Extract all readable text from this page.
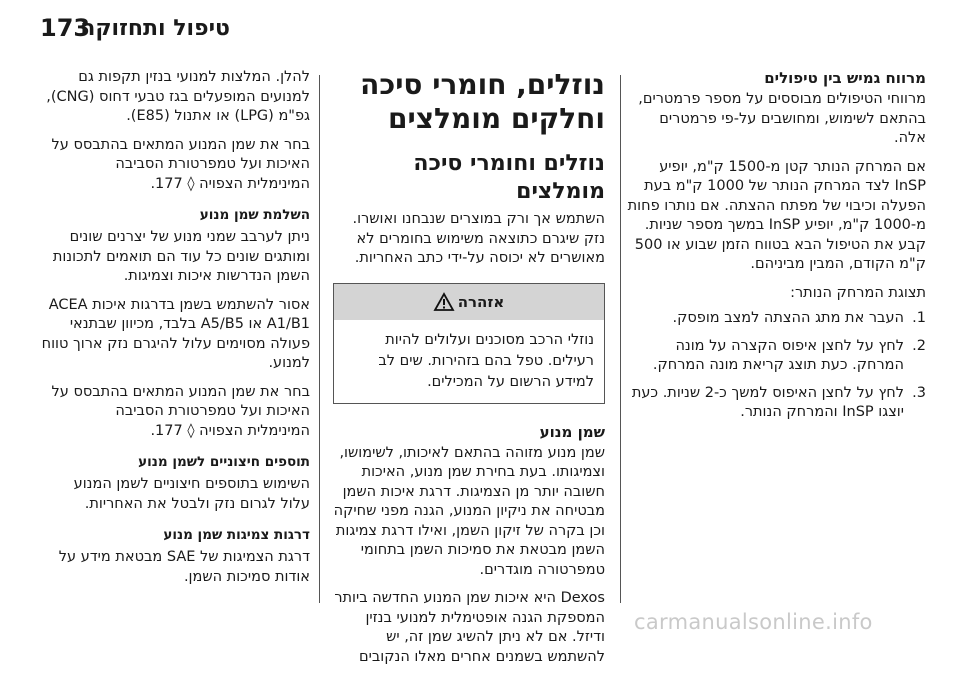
173
טיפול ותחזוקה
מרווח גמיש בין טיפולים
מרווחי הטיפולים מבוססים על מספר פרמטרים, בהתאם לשימוש, ומחושבים על-פי פרמטרים אלה.
אם המרחק הנותר קטן מ-1500 ק"מ, יופיע InSP לצד המרחק הנותר של 1000 ק"מ בעת הפעלה וכיבוי של מפתח ההצתה. אם נותרו פחות מ-1000 ק"מ, יופיע InSP במשך מספר שניות. קבע את הטיפול הבא בטווח הזמן שבוע או 500 ק"מ הקודם, המבין מביניהם.
תצוגת המרחק הנותר:
1.
העבר את מתג ההצתה למצב מופסק.
2.
לחץ על לחצן איפוס הקצרה על מונה המרחק. כעת תוצג קריאת מונה המרחק.
3.
לחץ על לחצן האיפוס למשך כ-2 שניות. כעת יוצגו InSP והמרחק הנותר.
נוזלים, חומרי סיכה וחלקים מומלצים
נוזלים וחומרי סיכה מומלצים
השתמש אך ורק במוצרים שנבחנו ואושרו. נזק שיגרם כתוצאה משימוש בחומרים לא מאושרים לא יכוסה על-ידי כתב האחריות.
אזהרה
נוזלי הרכב מסוכנים ועלולים להיות רעילים. טפל בהם בזהירות. שים לב למידע הרשום על המכילים.
שמן מנוע
שמן מנוע מזוהה בהתאם לאיכותו, לשימושו, וצמיגותו. בעת בחירת שמן מנוע, האיכות חשובה יותר מן הצמיגות. דרגת איכות השמן מבטיחה את ניקיון המנוע, הגנה מפני שחיקה וכן בקרה של זיקון השמן, ואילו דרגת צמיגות השמן מבטאת את סמיכות השמן בתחומי טמפרטורה מוגדרים.
Dexos היא איכות שמן המנוע החדשה ביותר המספקת הגנה אופטימלית למנועי בנזין ודיזל. אם לא ניתן להשיג שמן זה, יש להשתמש בשמנים אחרים מאלו הנקובים
להלן. המלצות למנועי בנזין תקפות גם למנועים המופעלים בגז טבעי דחוס (CNG), גפ"מ (LPG) או אתנול (E85).
בחר את שמן המנוע המתאים בהתבסס על האיכות ועל טמפרטורת הסביבה
המינימלית הצפויה ◊ 177.
השלמת שמן מנוע
ניתן לערבב שמני מנוע של יצרנים שונים ומותגים שונים כל עוד הם תואמים לתכונות השמן הנדרשות איכות וצמיגות.
אסור להשתמש בשמן בדרגות איכות ACEA A1/B1 או A5/B5 בלבד, מכיוון שבתנאי פעולה מסוימים עלול להיגרם נזק ארוך טווח למנוע.
בחר את שמן המנוע המתאים בהתבסס על האיכות ועל טמפרטורת הסביבה
המינימלית הצפויה ◊ 177.
תוספים חיצוניים לשמן מנוע
השימוש בתוספים חיצוניים לשמן המנוע עלול לגרום נזק ולבטל את האחריות.
דרגות צמיגות שמן מנוע
דרגת הצמיגות של SAE מבטאת מידע על אודות סמיכות השמן.
carmanualsonline.info
